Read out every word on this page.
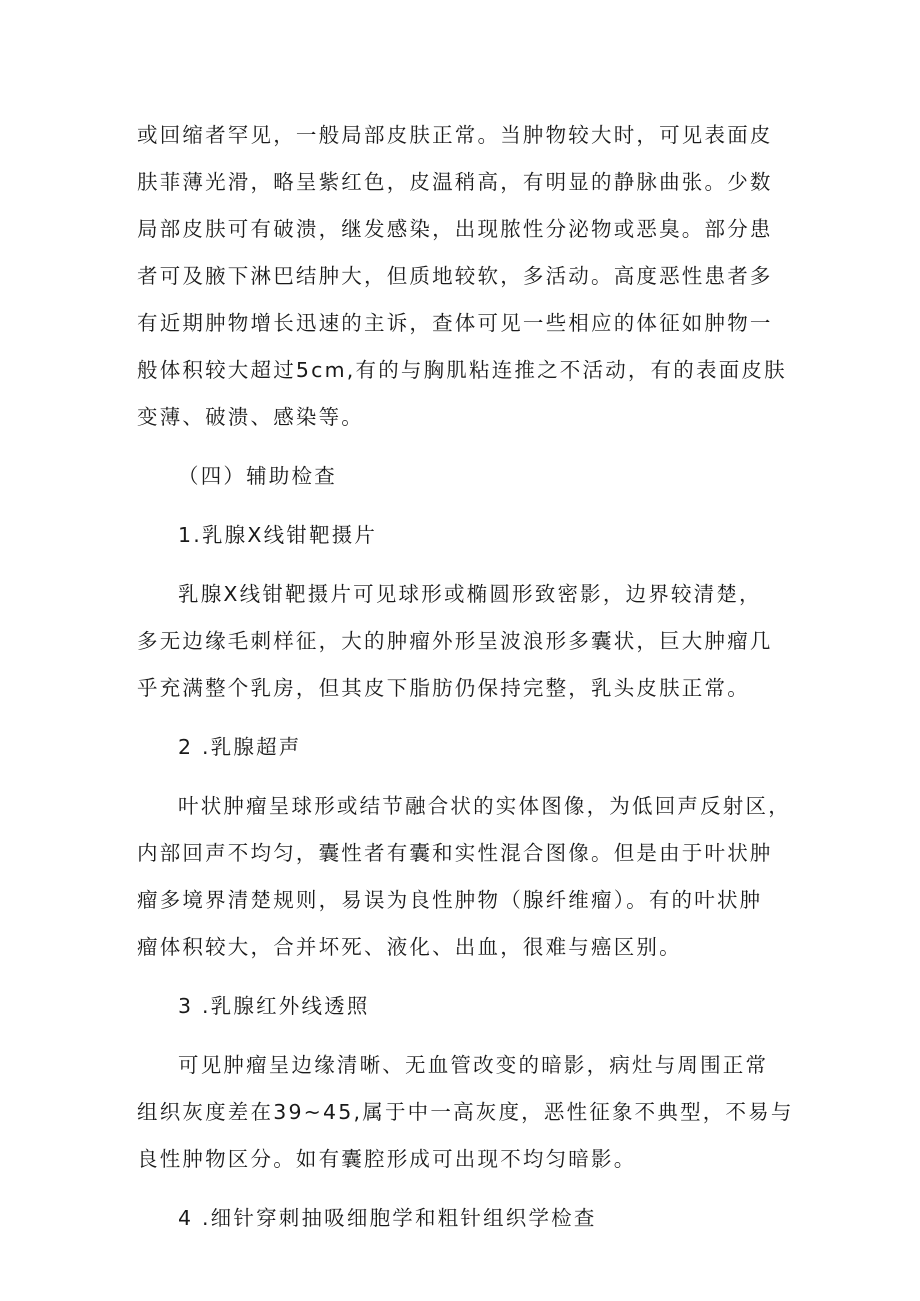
或回缩者罕见，一般局部皮肤正常。当肿物较大时，可见表面皮
肤菲薄光滑，略呈紫红色，皮温稍高，有明显的静脉曲张。少数
局部皮肤可有破溃，继发感染，出现脓性分泌物或恶臭。部分患
者可及腋下淋巴结肿大，但质地较软，多活动。高度恶性患者多
有近期肿物增长迅速的主诉，查体可见一些相应的体征如肿物一
般体积较大超过5cm,有的与胸肌粘连推之不活动，有的表面皮肤
变薄、破溃、感染等。
（四）辅助检查
1.乳腺X线钳靶摄片
乳腺X线钳靶摄片可见球形或椭圆形致密影，边界较清楚，
多无边缘毛刺样征，大的肿瘤外形呈波浪形多囊状，巨大肿瘤几
乎充满整个乳房，但其皮下脂肪仍保持完整，乳头皮肤正常。
2 .乳腺超声
叶状肿瘤呈球形或结节融合状的实体图像，为低回声反射区，
内部回声不均匀，囊性者有囊和实性混合图像。但是由于叶状肿
瘤多境界清楚规则，易误为良性肿物（腺纤维瘤）。有的叶状肿
瘤体积较大，合并坏死、液化、出血，很难与癌区别。
3 .乳腺红外线透照
可见肿瘤呈边缘清晰、无血管改变的暗影，病灶与周围正常
组织灰度差在39~45,属于中一高灰度，恶性征象不典型，不易与
良性肿物区分。如有囊腔形成可出现不均匀暗影。
4 .细针穿刺抽吸细胞学和粗针组织学检查
